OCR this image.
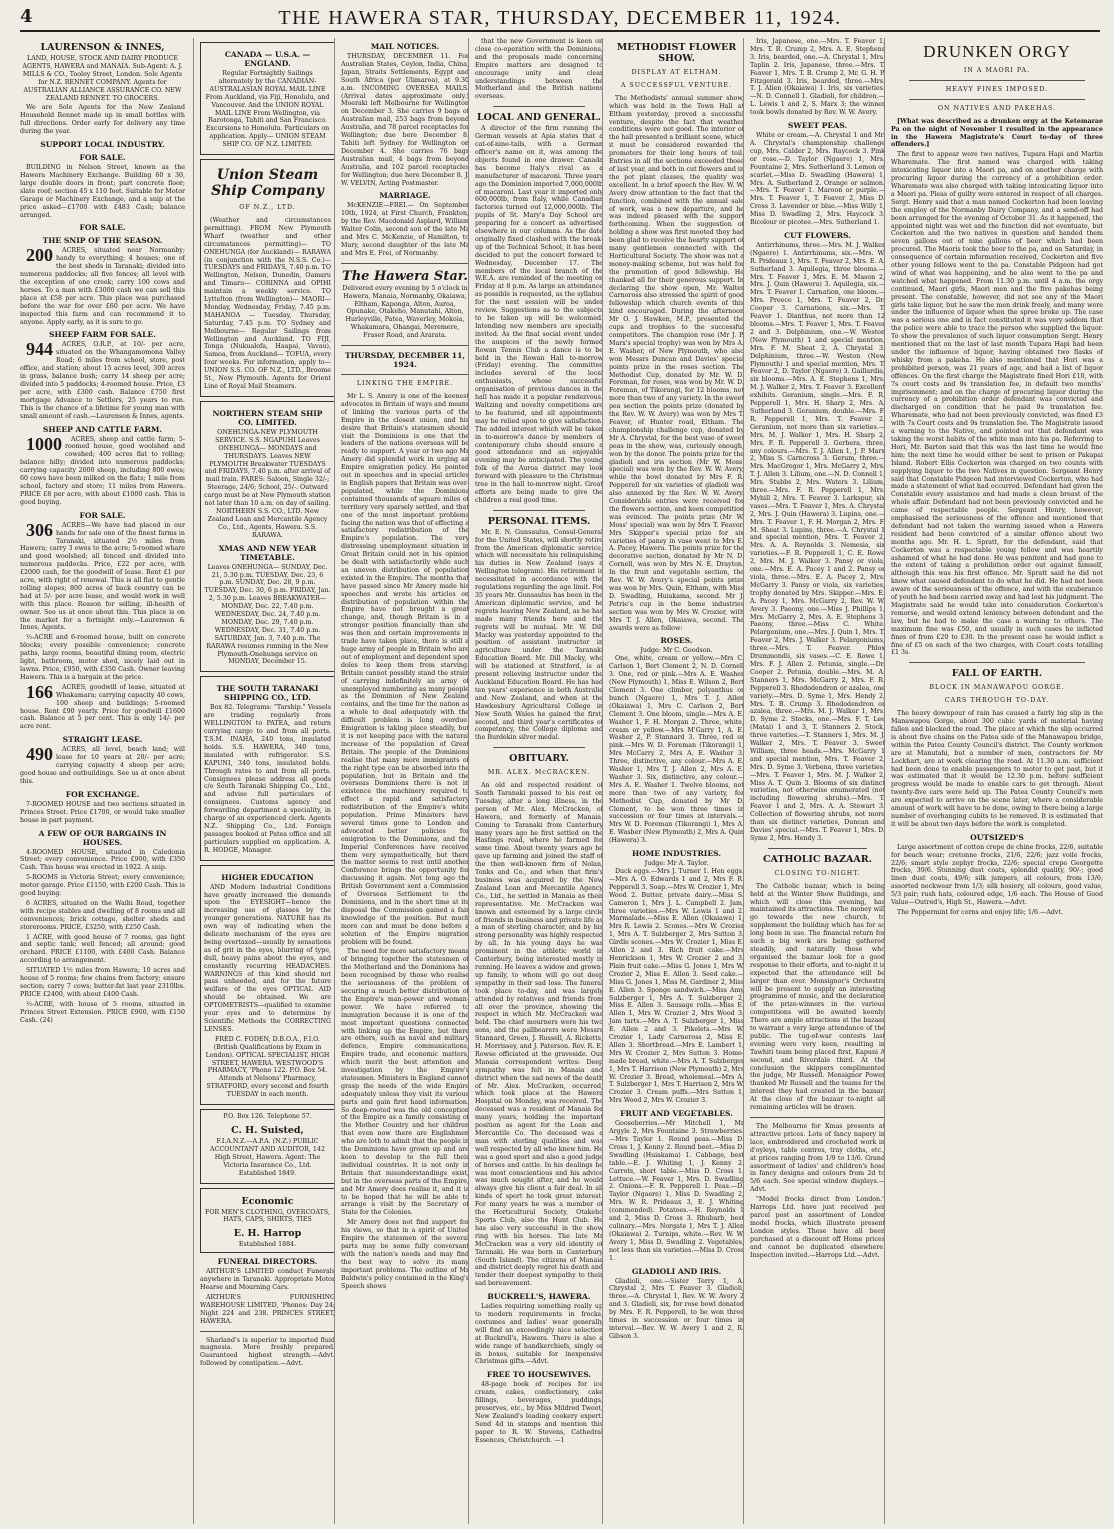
4	THE HAWERA STAR, THURSDAY, DECEMBER 11, 1924.
LAURENSON & INNES,

LAND, HOUSE, STOCK AND DAIRY PRODUCE AGENTS, HAWERA and MANAIA. Sub-Agent: A. J. MILLS & CO., Tooley Street, London. Sole Agents for N.Z. RENNET COMPANY. Agents for AUSTRALIAN ALLIANCE ASSURANCE CO. NEW ZEALAND RENNET. TO GROCERS.

We are Sole Agents for the New Zealand Household Rennet made up in small bottles with full directions. Order early for delivery any time during the year.

SUPPORT LOCAL INDUSTRY.
FOR SALE.

BUILDING in Nelson Street, known as the Hawera Machinery Exchange. Building 60 x 30, large double doors in front; part concrete floor; slate roof; section 45 x 110 feet. Suitable for Motor Garage or Machinery Exchange, and a snip at the price asked—£1700 with £483 Cash; balance arranged.

FOR SALE.
THE SNIP OF THE SEASON.

200 ACRES, situated near Normanby; handy to everything; 4 houses; one of the best sheds in Taranaki; divided into numerous paddocks; all five fences; all level with the exception of one creek; carry 100 cows and horses. To a man with £3000 cash we can sell this place at £58 per acre. This place was purchased before the war for over £60 per acre. We have inspected this farm and can recommend it to anyone. Apply early, as it is sure to go.

SHEEP FARM FOR SALE.

944 ACRES, O.R.P., at 10/- per acre, situated on the Whangamomona Valley Road; 6 miles from school, store, post office, and station; about 15 acres level, 300 acres in grass, balance bush; carry 14 sheep per acre; divided into 5 paddocks; 4-roomed house. Price, £3 per acre, with £300 cash. Balance £750 first mortgage Advance to Settlers, 25 years to run. This is the chance of a lifetime for young man with small amount of cash.—Laurenson & Innes, agents.

SHEEP AND CATTLE FARM.

1000 ACRES, sheep and cattle farm; 5-roomed house, good woolshed and cowshed; 400 acres flat to rolling; balance hilly; divided into numerous paddocks; carrying capacity 2000 sheep, including 800 ewes; 60 cows have been milked on the flats; 1 mile from school, factory and store; 11 miles from Hawera. PRICE £8 per acre, with about £1000 cash. This is good buying.

FOR SALE.

306 ACRES—We have had placed in our hands for sale one of the finest farms in Taranaki, situated 2½ miles from Hawera; carry 3 ewes to the acre; 5-roomed whare and good woolshed; all fenced and divided into numerous paddocks. Price, £22 per acre, with £2000 cash, for the goodwill of lease. Rent £1 per acre, with right of renewal. This is all flat to gentle rolling slopes; 800 acres of back country can be had at 5/- per acre lease, and would work in well with this place. Reason for selling, ill-health of owner. See us at once about this. This place is on the market for a fortnight only.—Laurenson & Innes, Agents.

½-ACRE and 6-roomed house, built on concrete blocks; every possible convenience; concrete paths, large rooms, beautiful dining room, electric light, bathroom, motor shed, nicely laid out in lawns. Price, £950, with £350 Cash. Owner leaving Hawera. This is a bargain at the price.

166 ACRES, goodwill of lease, situated at Whakamara; carrying capacity 40 cows, 100 sheep and buildings; 5-roomed house. Rent £90 yearly. Price for goodwill £1600 cash. Balance at 5 per cent. This is only 14/- per acre rent.

STRAIGHT LEASE.

490 ACRES, all level, beach land; will lease for 10 years at 20/- per acre; carrying capacity 4 sheep per acre; good house and outbuildings. See us at once about this.

FOR EXCHANGE.

7-ROOMED HOUSE and two sections situated in Princes Street. Price £1700, or would take smaller house in part payment.

A FEW OF OUR BARGAINS IN HOUSES.

4-ROOMED HOUSE, situated in Caledonia Street; every convenience. Price £900, with £350 Cash. This house was erected in 1922. A snip.

5-ROOMS in Victoria Street; every convenience; motor garage. Price £1150, with £200 Cash. This is good buying.

6 ACRES, situated on the Waihi Road, together with recipe stables and dwelling of 8 rooms and all conveniences; brick cottage, shelter sheds and storerooms. PRICE, £3250, with £250 Cash.

1 ACRE, with good house of 7 rooms, gas light and septic tank; well fenced; all around; good orchard. PRICE £1100, with £400 Cash. Balance according to arrangement.

SITUATED 1½ miles from Hawera; 10 acres and house of 5 rooms; few chains from factory; ensure section; carry 7 cows; butter-fat last year 2310lbs. PRICE £2400, with about £400 Cash.

½-ACRE, with house of 5 rooms, situated in Princes Street Extension. PRICE £900, with £150 Cash. (24)

CANADA — U.S.A. — ENGLAND.

Regular Fortnightly Sailings alternately by the CANADIAN-AUSTRALASIAN ROYAL MAIL LINE From Auckland, via Fiji, Honolulu, and Vancouver. And the UNION ROYAL MAIL LINE From Wellington, via Rarotonga, Tahiti and San Francisco. Excursions to Honolulu. Particulars on application. Apply— UNION STEAM SHIP CO. OF N.Z. LIMITED.

Union Steam Ship Company
OF N.Z., LTD.

(Weather and circumstances permitting). FROM New Plymouth Wharf (weather and other circumstances permitting)— TO ONEHUNGA (for Auckland)— RARAWA (in conjunction with the N.S.S. Co.)— TUESDAYS and FRIDAYS, 7.40 p.m. TO Wellington, Nelson, Dunedin, Oamaru and Timaru— CORINNA and OPIHI maintain a weekly service. TO Lyttelton (from Wellington)— MAORI—Monday, Wednesday, Friday, 7.45 p.m. MAHANOA — Tuesday, Thursday, Saturday, 7.45 p.m. TO Sydney and Melbourne— Regular Sailings from Wellington and Auckland. TO FIJI, Tonga (Nukualofa, Haapai, Vavau), Samoa, from Auckland— TOFUA, every four weeks. For information, apply to— UNION S.S. CO. OF N.Z., LTD., Broome St., New Plymouth. Agents for Orient Line of Royal Mail Steamers.

NORTHERN STEAM SHIP CO. LIMITED.

ONEHUNGA-NEW PLYMOUTH SERVICE. S.S. NGAPUHI Leaves ONEHUNGA— MONDAYS and THURSDAYS. Leaves NEW PLYMOUTH Breakwater TUESDAYS and FRIDAYS, 7.40 p.m. after arrival of mail train. FARES: Saloon, Single 32/-; Steerage, 24/6; School, 25/-. Outward cargo must be at New Plymouth station not later than 10 a.m. on day of sailing. NORTHERN S.S. CO., LTD. New Zealand Loan and Mercantile Agency Co., Ltd., Agents, Hawera. S.S. RARAWA.

XMAS AND NEW YEAR TIMETABLE.

Leaves ONEHUNGA— SUNDAY, Dec. 21, 5.30 p.m. TUESDAY, Dec. 23, 6 p.m. SUNDAY, Dec. 28, 9 p.m. TUESDAY, Dec. 30, 6 p.m. FRIDAY, Jan. 2, 5.30 p.m. Leaves BREAKWATER— MONDAY, Dec. 22, 7.40 p.m. WEDNESDAY, Dec. 24, 7.40 p.m. MONDAY, Dec. 29, 7.40 p.m. WEDNESDAY, Dec. 31, 7.40 p.m. SATURDAY, Jan. 3, 7.40 p.m. The RARAWA resumes running in the New Plymouth-Onehunga service on MONDAY, December 15.

THE SOUTH TARANAKI SHIPPING CO., LTD.

Box 82. Telegrams: "Tarship." Vessels are trading regularly from WELLINGTON to PATEA, and return carrying cargo to and from all ports. T.S.M. INAHA, 240 tons, insulated holds. S.S. HAWERA, 340 tons, insulated with refrigerator. S.S. KAPUNI, 340 tons, insulated holds. Through rates to and from all ports. Consignees please address all goods c/o South Taranaki Shipping Co., Ltd., and advise full particulars of consignees. Customs agency and forwarding department a speciality, in charge of an experienced clerk. Agents N.Z. Shipping Co., Ltd. Foreign passages booked at Patea office and all particulars supplied on application. A. R. HODGE, Manager.

HIGHER EDUCATION

AND Modern Industrial Conditions have greatly increased the demands upon the EYESIGHT—hence the increasing use of glasses by the younger generations. NATURE has its own way of indicating when the delicate mechanism of the eyes are being overtaxed—usually by sensations as of grit in the eyes, blurring of type, dull, heavy pains about the eyes, and constantly recurring HEADACHES. WARNINGS of this kind should not pass unheeded, and for the future welfare of the eyes OPTICAL AID should be obtained. We are OPTOMETRISTS—qualified to examine your eyes and to determine by Scientific Methods the CORRECTING LENSES.

FRED C. FODEN, D.B.O.A., F.I.O. (British Qualifications by Exam in London). OPTICAL SPECIALIST, HIGH STREET, HAWERA. WESTWOOD'S PHARMACY, 'Phone 122. P.O. Box 54. Attends at Nelsons' Pharmacy, STRATFORD, every second and fourth TUESDAY in each month.

P.O. Box 126. Telephone 57.
C. H. Suisted,

F.I.A.N.Z.—A.P.A. (N.Z.) PUBLIC ACCOUNTANT AND AUDITOR, 142 High Street, Hawera. Agent: The Victoria Insurance Co., Ltd. Established 1849.

Economic

FOR MEN'S CLOTHING, OVERCOATS, HATS, CAPS, SHIRTS, TIES

E. H. Harrop
Established 1884.
FUNERAL DIRECTORS.

ARTHUR'S LIMITED conduct Funerals anywhere in Taranaki. Appropriate Motor Hearse and Mourning Cars.

ARTHUR'S FURNISHING WAREHOUSE LIMITED, 'Phones: Day 24; Night 224 and 238. PRINCES STREET, HAWERA.

Sharland's is superior to imported fluid magnesia. More freshly prepared. Guaranteed highest strength.—Advt. followed by constipation.—Advt.

MAIL NOTICES.

THURSDAY, DECEMBER 11. For Australian States, Ceylon, India, China, Japan, Straits Settlements, Egypt and South Africa (per Ulimaroa), at 9.30 a.m. INCOMING OVERSEA MAILS. (Arrival dates approximate only.) Moeraki left Melbourne for Wellington on December 3. She carries 9 bags of Australian mail, 253 bags from beyond Australia, and 78 parcel receptacles for Wellington; due here December 8. Tahiti left Sydney for Wellington on December 4. She carries 76 bags Australian mail, 4 bags from beyond Australia, and 102 parcel receptacles for Wellington; due here December 8. J. W. VELVIN, Acting Postmaster.

MARRIAGE.

McKENZIE—FREI.— On September 10th, 1924, at First Church, Frankton, by the Rev. Macdonald Asplard, William Walter Colin, second son of the late Mr and Mrs C. McKenzie, of Hamilton, to Mary, second daughter of the late Mr and Mrs E. Frei, of Normanby.

The Hawera Star.

Delivered every evening by 5 o'clock in Hawera, Manaia, Normanby, Okaiawa, Eltham, Kaponga, Alton, Auroa, Opunake, Otakeho, Manutahi, Alton, Hurleyville, Patea, Waverley, Mokoia, Whakamara, Ohangai, Meremere, Fraser Road, and Ararata.

THURSDAY, DECEMBER 11, 1924.
LINKING THE EMPIRE.

Mr L. S. Amery is one of the keenest advocates in Britain of ways and means of linking the various parts of the Empire in the closest union, and his desire that Britain's statesmen should visit the Dominions is one that the leaders of the nations overseas will be ready to support. A year or two ago Mr Amery did splendid work in urging an Empire emigration policy. He pointed out in speeches and in special articles in English papers that Britain was over-populated, while the Dominions contained thousands of square miles of territory very sparsely settled, and that one of the most important problems facing the nation was that of effecting a satisfactory redistribution of the Empire's population. The very distressing unemployment situation in Great Britain could not in his opinion be dealt with satisfactorily while such an uneven distribution of population existed in the Empire. The months that have passed since Mr Amery made his speeches and wrote his articles on distribution of population within the Empire have not brought a great change, and, though Britain is in a stronger position financially than she was then and certain improvements in trade have taken place, there is still a huge army of people in Britain who are out of employment and dependent upon doles to keep them from starving. Britain cannot possibly stand the strain of carrying indefinitely an army of unemployed numbering as many people as the Dominion of New Zealand contains, and the time for the nation as a whole to deal adequately with the difficult problem is long overdue. Emigration is taking place steadily, but it is not keeping pace with the natural increase of the population of Great Britain. The people of the Dominions realise that many more immigrants of the right type can be absorbed into the population, but in Britain and the overseas Dominions there is not in existence the machinery required to effect a rapid and satisfactory redistribution of the Empire's white population. Prime Ministers have several times gone to London and advocated better policies for emigration to the Dominions, and the Imperial Conferences have received them very sympathetically, but there the matter seems to rest until another Conference brings the opportunity for discussing it again. Not long ago the British Government sent a Commission of Overseas Settlement to the Dominions, and in the short time at its disposal the Commission gained a fair knowledge of the position. But much more can and must be done before a solution of the Empire migration problem will be found.

The need for more satisfactory means of bringing together the statesmen of the Motherland and the Dominions has been recognised by those who realise the seriousness of the problem of securing a much better distribution of the Empire's man-power and woman-power. We have referred to immigration because it is one of the most important questions connected with linking up the Empire, but there are others, such as naval and military defence, Empire communications, Empire trade, and economic matters, which merit the best attention and investigation by the Empire's statesmen. Ministers in England cannot grasp the needs of the wide Empire adequately unless they visit its various parts and gain first hand information. So deep-rooted was the old conception of the Empire as a family consisting of the Mother Country and her children that even now there are Englishmen who are loth to admit that the people in the Dominions have grown up and are keen to develop to the full their individual countries. It is not only in Britain that misunderstandings exist, but in the overseas parts of the Empire, and Mr Amery does realise it, and it is to be hoped that he will be able to arrange a visit by the Secretary of State for the Colonies.

Mr Amery does not find support for his views, so that in a spirit of United Empire the statesmen of the several parts may be some fully conversant with the nation's needs and may find the best way to solve its many important problems. The outline of Mr Baldwin's policy contained in the King's Speech shows

that the new Government is keen on close co-operation with the Dominions, and the proposals made concerning Empire matters are designed to encourage unity and clear understandings between the Motherland and the British nations overseas.

LOCAL AND GENERAL.

A director of the firm running the German vessels at Apia states that a cat-of-nine-tails, with a German officer's name on it, was among the objects found in one drawer. Canada has become Italy's rival as a manufacturer of macaroni. Three years ago the Dominion imported 7,000,000lb of macaroni. Last year it imported only 600,000lb, from Italy, while Canadian factories turned out 12,000,000lb. The pupils of St. Mary's Day School are preparing for a concert as advertised elsewhere in our columns. As the date originally fixed clashed with the break-up of the Technical School, it has been decided to put the concert forward to Wednesday, December 17. The members of the local branch of the W.E.A. are reminded of the meeting on Friday at 8 p.m. As large an attendance as possible is requested, as the syllabus for the next session will be under review. Suggestions as to the subjects to be taken up will be welcomed. Intending new members are specially invited. As the final social event under the auspices of the newly formed Rowan Tennis Club a dance is to be held in the Rowan Hall to-morrow (Friday) evening. The committee includes several of the local enthusiasts, whose successful organisation of previous dances in the hall has made it a popular rendezvous. Waltzing and novelty competitions are to be featured, and all appointments may be relied upon to give satisfaction. The added interest which will be taken in to-morrow's dance by members of contemporary clubs should ensure a good attendance and an enjoyable evening may be anticipated. The young folk of the Auroa district may look forward with pleasure to the Christmas tree in the hall to-morrow night. Great efforts are being made to give the children a real good time.

PERSONAL ITEMS.

Mr. E. N. Gunsaulus, Consul-General for the United States, will shortly retire from the American diplomatic service, which will necessitate his relinquishing his duties in New Zealand (says a Wellington telegram). His retirement is necessitated in accordance with the regulations regarding the age limit. For 35 years Mr. Gunsaulus has been in the American diplomatic service, and he regrets leaving New Zealand, as he has made many friends here and the regrets will be mutual. Mr. W. Dill Macky was yesterday appointed to the position of assistant instructor in agriculture under the Taranaki Education Board. Mr. Dill Macky, who will be stationed at Stratford, is at present relieving instructor under the Auckland Education Board. He has had ten years' experience in both Australia and New Zealand, and when at the Hawkesbury Agricultural College in New South Wales he gained the first, second, and third year's certificates of competency, the College diploma and the Burdekin silver medal.

OBITUARY.
MR. ALEX. McCRACKEN.

An old and respected resident of South Taranaki passed to his rest on Tuesday, after a long illness, in the person of Mr. Alex. McCracken, of Hawera, and formerly of Manaia. Coming to Taranaki from Canterbury many years ago he first settled on the Hastings road, where he farmed for some time. About twenty years ago he gave up farming and joined the staff of the then well-known firm of Nolan, Tonks and Co., and when that firm's business was acquired by the New Zealand Loan and Mercantile Agency Co., Ltd., he settled in Manaia as their representative. Mr. McCracken was known and esteemed by a large circle of friends in business and private life as a man of sterling character, and by his strong personality was highly respected by all. In his young days he was prominent in the athletic world in Canterbury, being interested mostly in running. He leaves a widow and grown-up family, to whom will go out deep sympathy in their sad loss. The funeral took place to-day, and was largely attended by relatives and friends from all over the province, showing the respect in which Mr. McCracken was held. The chief mourners were his two sons, and the pallbearers were Messrs Stannard, Green, J. Russell, A. Ricketts, H. Morrissey, and J. Paterson. Rev. R. E. Rowse officiated at the graveside. Our Manaia correspondent writes: Deep sympathy was felt in Manaia and district when the sad news of the death of Mr. Alex. McCracken, occurred, which took place at the Hawera Hospital on Monday, was received. The deceased was a resident of Manaia for many years, holding the important position as agent for the Loan and Mercantile Co. The deceased was a man with sterling qualities and was well respected by all who knew him. He was a good sport and also a good judge of horses and cattle. In his dealings he was most conscientious and his advice was much sought after, and he would always give his client a fair deal. In all kinds of sport he took great interest. For many years he was a member of the Horticultural Society, Otakeho Sports Club, also the Hunt Club. He has also very successful in the show ring with his horses. The late Mr McCracken was a very old identity of Taranaki. He was born in Canterbury (South Island). The citizens of Manaia and district deeply regret his death and tender their deepest sympathy to their sad bereavement.

BUCKRELL'S, HAWERA.

Ladies requiring something really up to modern requirements in frocks, costumes and ladies' wear generally will find an exceedingly nice selection at Buckrell's, Hawera. There is also a wide range of handkerchiefs, singly or in boxes, suitable for inexpensive Christmas gifts.—Advt.

FREE TO HOUSEWIVES.

48-page book of recipes for ice cream, cakes, confectionery, cake fillings, beverages, puddings, preserves, etc., by Miss Mildred Tweet, New Zealand's leading cookery expert. Send 4d in stamps and mention this paper to R. W. Stevens, Cathedral Essences, Christchurch. —1

METHODIST FLOWER SHOW.
DISPLAY AT ELTHAM.
A SUCCESSFUL VENTURE.

The Methodists' annual summer show, which was held in the Town Hall at Eltham yesterday, proved a successful venture, despite the fact that weather conditions were not good. The interior of the hall presented a brilliant scene, which it must be considered rewarded the promoters for their long hours of toil. Entries in all the sections exceeded those of last year, and both in cut flowers and in the pot plant classes, the quality was excellent. In a brief speech the Rev. W. W. Avery drew attention to the fact that the function, combined with the annual sale of work, was a new departure, and he was indeed pleased with the support forthcoming. When the suggestion of holding a show was first mooted they had been glad to receive the hearty support of many gentlemen connected with the Horticultural Society. The show was not a money-making scheme, but was held for the promotion of good fellowship. He thanked all for their generous support. In declaring the show open, Mr. Walter Carnoross also stressed the spirit of good fellowship which church events of this kind encouraged. During the afternoon Mr O. J. Hawken, M.P., presented the cups and trophies to the successful competitors. The champion rose (Mr J. P. Marx's special trophy) was won by Mrs A. E. Washer, of New Plymouth, who also won Messrs Duncan and Davies' special points prize in the roses section. The Methodist Cup, donated by Mr. W. D. Foreman, for roses, was won by Mr. W. D. Foreman, of Tikorangi, for 12 blooms, not more than two of any variety. In the sweet pea section the points prize (donated by the Rev. W. W. Avery) was won by Mrs T. Feaver, of Hunter road, Eltham. The championship challenge cup, donated by Mr A. Chrystal, for the best vase of sweet peas in the show, was, curiously enough, won by the donor. The points prize for the gladioli and iris section (Mr W. Moss' special) was won by the Rev. W. W. Avery, while the bowl donated by Mrs F. R. Pepperell for six varieties of gladioli was also annexed by the Rev. W. W. Avery. Considerable entries were received for the flowers section, and keen competition was evinced. The points prize (Mr W. Moss' special) was won by Mrs T. Feaver. Mrs Skipper's special prize for six varieties of pansy in vase went to Mrs E. A. Pacey, Hawera. The points prize for the decorative section, donated by Mr N. D. Cornell, was won by Mrs N. E. Drayton. In the fruit and vegetable section, the Rev. W. W. Avery's special points prize was won by Mrs. Quin, Eltham, with Miss D. Swadling, Huiakama, second. Mr J. Petrie's cup in the home industries section was won by Mrs W. Crozier, with Mrs T. J. Allen, Okaiawa, second. The awards were as follow:

ROSES.
Judge: Mr C. Goodson.

One, white, cream or yellow.—Mrs C. Carlson 1, Bert Clement 2, N. D. Cornell 3. One, red or pink.—Mrs A. E. Washer (New Plymouth) 1, Miss E. Wilson 2, Bert Clement 3. One climber, polyanthus or bunch (Ngaere) 1, Mrs T. J. Allen (Okaiawa) 1, Mrs C. Carlson 2, Bert Clement 3. One bloom, single.—Mrs A. E. Washer 1, F. H. Morgan 2. Three, white, cream or yellow.—Mrs M'Garry 1, A. E. Washer 2, P. Stannard 3. Three, red or pink.—Mrs W. D. Foreman (Tikorangi) 1, Mrs McCarry 2, Mrs A. E. Washer 3. Three, distinctive, any colour.—Mrs A. E. Washer 1, Mrs T. J. Allen 2, Mrs A. E. Washer 3. Six, distinctive, any colour.—Mrs A. E. Washer 1. Twelve blooms, not more than two of any variety, for Methodist Cup, donated by Mr D. Clement, to be won three times in succession or four times at intervals.—Mrs W. D. Foreman (Tikorangi) 1, Mrs A. E. Washer (New Plymouth) 2, Mrs A. Quin (Hawera) 3.

HOME INDUSTRIES.
Judge: Mr A. Taylor.

Duck eggs.—Mrs J. Turner 1. Hen eggs.—Mrs A. O. Edwards 1 and 2, Mrs F. R. Pepperell 3. Soap.—Mrs W. Crozier 1, Mrs Wood 2. Butter, private dairy.—Miss S. Cameron 1, Mrs J. L. Campbell 2. Jam, three varieties.—Mrs W. Lewis 1 and 2. Marmalade.—Miss E. Allen (Okaiawa) 1, Mrs R. Lewis 2. Scones.—Mrs W. Crozier 1, Mrs A. T. Sulzberger 2, Mrs Sutton 3. Girdle scones.—Mrs W. Crozier 1, Miss E. Allen 2 and 3. Rich fruit cake.—Mrs Henrickson 1, Mrs W. Crozier 2 and 3. Plain fruit cake.—Miss G. Jones 1, Mrs W. Crozier 2, Miss E. Allen 3. Seed cake.—Miss G. Jones 1, Miss M. Gardiner 2, Miss E. Allen 3. Sponge sandwich.—Miss Amy Sulzberger 1, Mrs A. T. Sulzberger 2, Miss E. Allen 3. Sausage rolls.—Miss E. Allen 1, Mrs W. Crozier 2, Mrs Wood 3. Jam tarts.—Mrs A. T. Sulzberger 1, Miss E. Allen 2 and 3. Pikelets.—Mrs W. Crozier 1, Lady Carneross 2, Miss E. Allen 3. Shortbread.—Mrs E. Lambert 1, Mrs W. Crozier 2, Mrs Sutton 3. Home-made bread, white.—Mrs A. T. Sulzberger 1, Mrs T. Harrison (New Plymouth) 2, Mrs W. Crozier 3. Bread, wholemeal.—Mrs A. T. Sulzberger 1, Mrs T. Harrison 2, Mrs W. Crozier 3. Cream puffs.—Mrs Sutton 1, Mrs Wood 2, Mrs W. Crozier 3.

FRUIT AND VEGETABLES.

Gooseberries.—Mr Mitchell 1, Mr Argyle 2, Mrs Fountaine 3. Strawberries.—Mrs Taylor 1. Round peas.—Miss D. Cross 1, J. Kenny 2. Round beet.—Miss D. Swadling (Huiakama) 1. Cabbage, best table.—E. J. Whiting 1, J. Kenny 2. Carrots, short table.—Miss D. Cross 1. Lettuce.—W. Feaver 1, Mrs. D. Swadling 2. Onions.—F. R. Pepperell 1. Peas.—D. Taylor (Ngaere) 1, Miss D. Swadling 2, Mrs. W. R. Prideaux 3, E. J. Whiting (commended). Potatoes.—H. Reynolds 1 and 2, Miss D. Cross 3. Rhubarb, best culinary.—Mrs. Norgate 1, Mrs T. J. Allen (Okaiawa) 2. Turnips, white.—Rev. W. W. Avery 1, Miss D. Swadling 2. Vegetables, not less than six varieties.—Miss D. Cross 1.

GLADIOLI AND IRIS.

Gladioli, one.—Sister Terry 1, A. Chrystal 2, Mrs T. Feaver 3. Gladioli, three.—A. Chrystal 1, Rev. W. W. Avery 2 and 3. Gladioli, six, for rose bowl donated by Mrs. F. R. Pepperell, to be won three times in succession or four times in interval.—Rev. W. W. Avery 1 and 2, R. Gibson 3.

Iris, Japanese, one.—Mrs. T. Feaver 1, Mrs. T. B. Crump 2, Mrs. A. E. Stephens 3. Iris, bearded, one.—A. Chrystal 1, Mrs. Taplin 2. Iris, Japanese, three.—Mrs. T. Feaver 1, Mrs. T. B. Crump 2, Mr. G. H. P. Fitzgerald 3. Iris, bearded, three.—Mrs. T. J. Allen (Okaiawa) 1. Iris, six varieties.—N. D. Connell 1. Gladioli, for children.—L. Lewis 1 and 2, S. Marx 3; the winner took bowls donated by Rev. W. W. Avery.

SWEET PEAS.

White or cream.—A. Chrystal 1 and Mr. A. Chrystal's championship challenge cup, Mrs. Calder 2, Mrs. Raycock 3. Pink or rose.—D. Taylor (Ngaere) 1, Mrs. Fountaine 2, Mrs. Sutherland 3. Lemon or scarlet.—Miss D. Swadling (Hawera) 1, Mrs. A. Sutherland 2. Orange or salmon.—Mrs. T. Feaver 1. Maroon or purple.—Mrs. T. Feaver 1, T. Feaver 2, Miss D. Cross 3. Lavender or blue.—Miss Willy 1, Miss D. Swadling 2, Mrs. Haycock 3. Bicolour or picotee.—Mrs. Sutherland 1.

CUT FLOWERS.

Antirrhinums, three.—Mrs. M. J. Walker (Ngaere) 1. Antirrhinums, six.—Mrs. W. R. Prideaux 1, Mrs. T. Feaver 2, Mrs. E. A. Sutherland 3. Aquilegia, three blooms.—Mrs. T. Feaver 1, Mrs. E. M. Mason 2, Mrs. J. Quin (Hawera) 3. Aquilegia, six.—Mrs. T. Feaver 1. Carnation, one bloom.—Mrs. Preece 1, Mrs. T. Feaver 2, Dr. Cooper 3. Carnations, six.—Mrs. T. Feaver 1. Dianthus, not more than 12 blooms.—Mrs. T. Feaver 1, Mrs. T. Feaver 2 and 3. Delphinium, one.—W. Weston (New Plymouth) 1 and special mention, Mrs. F. M. Sheat 2, A. Chrystal 3. Delphinium, three.—W. Weston (New Plymouth) 1 and special mention, Mrs. T. Feaver 2, D. Taylor (Ngaere) 3. Gaillardia, six blooms.—Mrs. A. E. Stephens 1, Mrs. M. J. Walker 2, Mrs. T. Feaver 3. Excellent exhibits. Geranium, single.—Mrs. F. R. Pepperell 1, Mrs. H. Sharp 2, Mrs. A. Sutherland 3. Geranium, double.—Mrs. F. R. Pepperell 1, Mrs. T. Feaver 2. Geranium, not more than six varieties.—Mrs. M. J. Walker 1, Mrs. H. Sharp 2, Mrs. F. R. Pepperell 3. Gerbera, three, any colours.—Mrs. T. J. Allen 1, J. P. Marx 2, Miss S. Carncross 3. Gerum, three.—Mrs. MacGregor 1, Mrs. McGarry 2, Mrs. T. J. Allen 3. Lilium, one.—N. D. Connell 1, Mrs. Stubbs 2, Mrs. Waters 3. Lilium, three.—Mrs. F. R. Pepperell 1, Mrs. Myhill 2, Mrs. T. Feaver 3. Larkspur, six vases.—Mrs. T. Feaver 1, Mrs. A. Chrystal 2, Mrs. J. Quin (Hawera) 3. Lupins, one.—Mrs. T. Feaver 1, F. H. Morgan 2, Mrs. F. M. Sheat 3. Lupins, three.—A. Chrystal 1 and special mention, Mrs. T. Feaver 2, Mrs. A. A. Reynolds 3. Nemesia, six varieties.—F. R. Pepperell 1, C. E. Rowe 2, Mrs. M. J. Walker 3. Pansy or viola, one.—Mrs. E. A. Pacey 1 and 2. Pansy or viola, three.—Mrs. E. A. Pacey 2, Mrs. McGarry 3. Pansy or viola, six varieties, trophy donated by Mrs. Skipper.—Mrs. E. A. Pacey 1, Mrs. McGarry 2, Rev. W. W. Avery 3. Paeony, one.—Miss J. Phillips 1, Mrs. McGarry 2, Mrs. A. E. Stephens 3. Paeony, three.—Miss C. White. Pelargonium, one.—Mrs. J. Quin 1, Mrs. T. Feaver 2, Mrs. J. Walker 3. Pelargoniums, three.—Mrs. T. Feaver. Phlox Drummondii, six vases.—C. E. Rowe 1, Mrs. F. J. Allen 2. Petunia, single.—Dr. Cooper 2. Petunia, double.—Mrs. M. A. Stanners 1, Mrs. McGarry 2, Mrs. F. R. Pepperell 3. Rhododendron or azalea, one variety.—Mrs. D. Syme 1, Mrs. Hendy 2, Mrs. T. B. Crump 3. Rhododendron or azalea, three.—Mrs. M. J. Walker 1, Mrs. D. Syme 2. Stocks, one.—Mrs. F. T. Lee (Matai) 1 and 3, T. Stanners 2. Stock, three varieties.—T. Stanners 1, Mrs. M. J. Walker 2, Mrs. T. Feaver 3. Sweet William, three heads.—Mrs. McGarry 1 and special mention, Mrs. T. Feaver 2, Mrs. D. Syme 3. Verbena, three varieties.—Mrs. T. Feaver 1, Mrs. M. J. Walker 2, Miss A. T. Quin 3. Blooms of six distinct varieties, not otherwise enumerated (not including flowering shrubs).—Mrs. T. Feaver 1 and 2, Mrs. A. A. Stewart 3. Collection of flowering shrubs, not more than six distinct varieties, Duncan and Davies' special.—Mrs. T. Feaver 1, Mrs. D. Syme 2, Mrs. Hendy 3.

CATHOLIC BAZAAR.
CLOSING TO-NIGHT.

The Catholic bazaar, which is being held at the Winter Show Buildings, and which will close this evening, has maintained its attractions. The money will go towards the new church, to supplement the building which has for so long been in use. The financial return for such a big work are being gathered steadily, and naturally those who organised the bazaar look for a good response to their efforts, and to-night it is expected that the attendance will be larger than ever. Monsignor's Orchestra will be present to supply an interesting programme of music, and the declaration of the prize-winners in the various competitions will be awaited keenly. There are ample attractions at the bazaar to warrant a very large attendance of the public. The tug-of-war contests last evening were very keen, resulting in Tawhiti team being placed first, Kapuni A second, and Riverdale third. At the conclusion the skippers complimented the judge, Mr Russell. Monsignor Power thanked Mr Russell and the teams for the interest they had created in the bazaar. At the close of the bazaar to-night all remaining articles will be drawn.

The Melbourne for Xmas presents at attractive prices. Lots of fancy napery in lace, embroidered and crocheted work in d'oyleys, table centres, tray cloths, etc., at prices ranging from 1/9 to 13/6. Grand assortment of ladies' and children's hose in fancy designs and colours from 2d to 5/6 each. See special window displays.—Advt.

"Model frocks direct from London." Harrops Ltd. have just received per parcel post an assortment of London model frocks, which illustrate present London styles. These have all been purchased at a discount off Home prices and cannot be duplicated elsewhere. Inspection invited.—Harrops Ltd.—Advt.

DRUNKEN ORGY
IN A MAORI PA.
HEAVY FINES IMPOSED.
ON NATIVES AND PAKEHAS.

[What was described as a drunken orgy at the Ketemarae Pa on the night of November 1 resulted in the appearance in the Hawera Magistrate's Court to-day of three offenders.]

The first to appear were two natives, Tupara Hapi and Martin Wharemate. The first named was charged with taking intoxicating liquor into a Maori pa, and on another charge with procuring liquor during the currency of a prohibition order. Wharemate was also charged with taking intoxicating liquor into a Maori pa. Pleas of guilty were entered in respect of all charges. Sergt. Henry said that a man named Cockerton had been leaving the employ of the Normanby Dairy Company, and a send-off had been arranged for the evening of October 31. As it happened, the appointed night was wet and the function did not eventuate, but Cockerton and the two natives in question and handed them seven gallons out of nine gallons of beer which had been procured. The Maoris took the beer to the pa, and on Saturday, in consequence of certain information received, Cockerton and five other young fellows went to the pa. Constable Pidgeon had got wind of what was happening, and he also went to the pa and watched what happened. From 11.30 p.m. until 4 a.m. the orgy continued, Maori girls, Maori men and the five pakehas being present. The constable, however, did not see any of the Maori girls take liquor, but he saw the men drink freely, and many were under the influence of liquor when the spree broke up. The case was a serious one and in fact constituted it was very seldom that the police were able to trace the person who supplied the liquor. To show the prevalence of such liquor consumption Sergt. Henry mentioned that on the last of last month Tupara Hapi had been under the influence of liquor, having obtained two flasks of whisky from a pakeha. He also mentioned that Hori was a prohibited person, was 21 years of age, and had a list of liquor offences. On the first charge the Magistrate fined Hori £10, with 7s court costs and 9s translation fee, in default two months' imprisonment; and on the charge of procuring liquor during the currency of a prohibition order defendant was convicted and discharged on condition that he paid 9s translation fee. Wharemate, who had not been previously convicted, was fined £3 with 7s Court costs and 9s translation fee. The Magistrate issued a warning to the Native, and pointed out that defendant was taking the worst habits of the white man into his pa. Referring to Hori, Mr. Barton said that this was the last time he would fine him; the next time he would either be sent to prison or Pakapai Island. Robert Ellis Cockerton was charged on two counts with supplying liquor to the two Natives in question. Sergeant Henry said that Constable Pidgeon had interviewed Cockerton, who had made a statement of what had occurred. Defendant had given the Constable every assistance and had made a clean breast of the whole affair. Defendant had not been previously convicted and he came of respectable people. Sergeant Henry, however, emphasised the seriousness of the offence and mentioned that defendant had not taken the warning issued when a Hawera resident had been convicted of a similar offence about two months ago. Mr. H. L. Spratt, for the defendant, said that Cockerton was a respectable young fellow and was heartily ashamed of what he had done. He was penitent and had gone to the extent of taking a prohibition order out against himself, although this was his first offence. Mr. Spratt said he did not know what caused defendant to do what he did. He had not been aware of the seriousness of the offence, and with the exuberance of youth he had been carried away and had lost his judgment. The Magistrate said he would take into consideration Cockerton's remorse, and would extend leniency between defendant and the law, but he had to make the case a warning to others. The maximum fine was £50, and usually in such cases he inflicted fines of from £20 to £30. In the present case he would inflict a fine of £5 on each of the two charges, with Court costs totalling £1 3s.

FALL OF EARTH.
BLOCK IN MANAWAPOU GORGE.
CARS THROUGH TO-DAY.

The heavy downpour of rain has caused a fairly big slip in the Manawapou Gorge, about 300 cubic yards of material having fallen and blocked the road. The place at which the slip occurred is about five chains on the Patea side of the Manawapou bridge, within the Patea County Council's district. The County workmen are at Manutahi, but a number of men, contractors for Mr Lockhart, are at work clearing the road. At 11.30 a.m. sufficient had been done to enable passengers to motor to get past, but it was estimated that it would be 12.30 p.m. before sufficient progress would be made to enable cars to get through. About twenty-five cars were held up. The Patea County Council's men are expected to arrive on the scene later, where a considerable amount of work will have to be done, owing to there being a large number of overhanging cubits to be removed. It is estimated that it will be about two days before the work is completed.

OUTSIZED'S

Large assortment of cotton crepe de chine frocks, 22/6, suitable for beach wear; cretonne frocks, 21/6, 22/6; jazz voile frocks, 22/6; smart style zephyr frocks, 22/6; special crepe Georgette frocks, 39/6. Stunning dust coats, splendid quality, 90/-; good linen dust coats, 49/6; silk jumpers, all colours, from 13/6; assorted neckwear from 1/3; silk hosiery, all colours, good value, 5/3 pair; rush hats, coloured edge, 1/6 each. The House of Good Value—Outred's, High St., Hawera.—Advt.

The Peppermint for corns and enjoy life; 1/6.—Advt.
